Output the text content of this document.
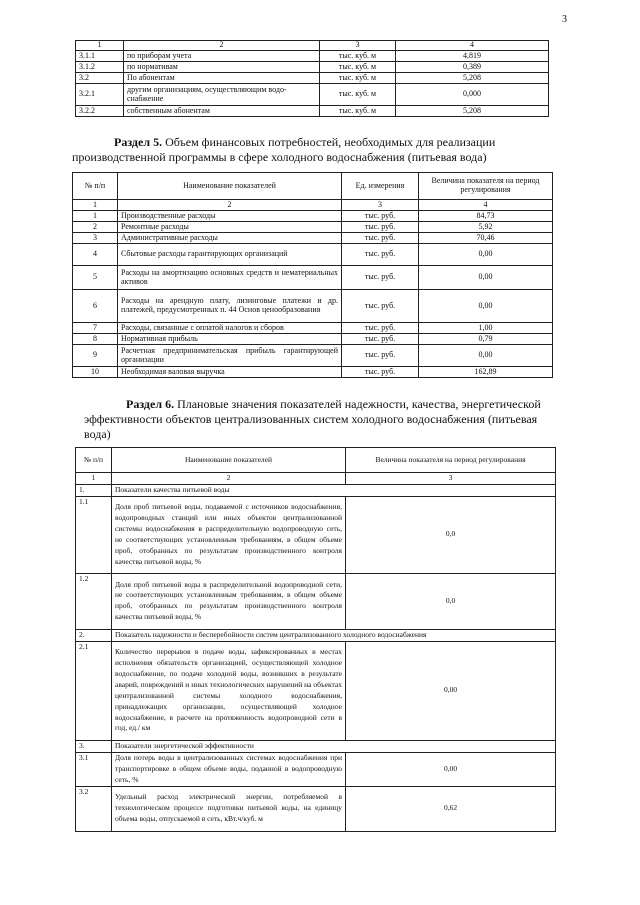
3
1	2	3	4
3.1.1	по приборам учета	тыс. куб. м	4,819
3.1.2	по нормативам	тыс. куб. м	0,389
3.2	По абонентам	тыс. куб. м	5,208
3.2.1	другим организациям, осуществляющим водо-снабжение	тыс. куб. м	0,000
3.2.2	собственным абонентам	тыс. куб. м	5,208
Раздел 5. Объем финансовых потребностей, необходимых для реализации производственной программы в сфере холодного водоснабжения (питьевая вода)
№ п/п	Наименование показателей	Ед. измерения	Величина показателя на период регулирования
1	2	3	4
1	Производственные расходы	тыс. руб.	84,73
2	Ремонтные расходы	тыс. руб.	5,92
3	Административные расходы	тыс. руб.	70,46
4	Сбытовые расходы гарантирующих организаций	тыс. руб.	0,00
5	Расходы на амортизацию основных средств и нематериальных активов	тыс. руб.	0,00
6	Расходы на арендную плату, лизинговые платежи и др. платежей, предусмотренных п. 44 Основ ценообразования	тыс. руб.	0,00
7	Расходы, связанные с оплатой налогов и сборов	тыс. руб.	1,00
8	Нормативная прибыль	тыс. руб.	0,79
9	Расчетная предпринимательская прибыль гарантирующей организации	тыс. руб.	0,00
10	Необходимая валовая выручка	тыс. руб.	162,89
Раздел 6. Плановые значения показателей надежности, качества, энергетической эффективности объектов централизованных систем холодного водоснабжения (питьевая вода)
№ п/п	Наименование показателей	Величина показателя на период регулирования
1	2	3
1.	Показатели качества питьевой воды	
1.1	Доля проб питьевой воды, подаваемой с источников водоснабжения, водопроводных станций или иных объектов централизованной системы водоснабжения в распределительную водопроводную сеть, не соответствующих установленным требованиям, в общем объеме проб, отобранных по результатам производственного контроля качества питьевой воды, %	0,0
1.2	Доля проб питьевой воды в распределительной водопроводной сети, не соответствующих установленным требованиям, в общем объеме проб, отобранных по результатам производственного контроля качества питьевой воды, %	0,0
2.	Показатель надежности и бесперебойности систем централизованного холодного водоснабжения	
2.1	Количество перерывов в подаче воды, зафиксированных в местах исполнения обязательств организацией, осуществляющей холодное водоснабжение, по подаче холодной воды, возникших в результате аварий, повреждений и иных технологических нарушений на объектах централизованной системы холодного водоснабжения, принадлежащих организации, осуществляющей холодное водоснабжение, в расчете на протяженность водопроводной сети в год, ед./ км	0,00
3.	Показатели энергетической эффективности	
3.1	Доля потерь воды в централизованных системах водоснабжения при транспортировке в общем объеме воды, поданной в водопроводную сеть, %	0,00
3.2	Удельный расход электрической энергии, потребляемой в технологическом процессе подготовки питьевой воды, на единицу объема воды, отпускаемой в сеть, кВт.ч/куб. м	0,62
